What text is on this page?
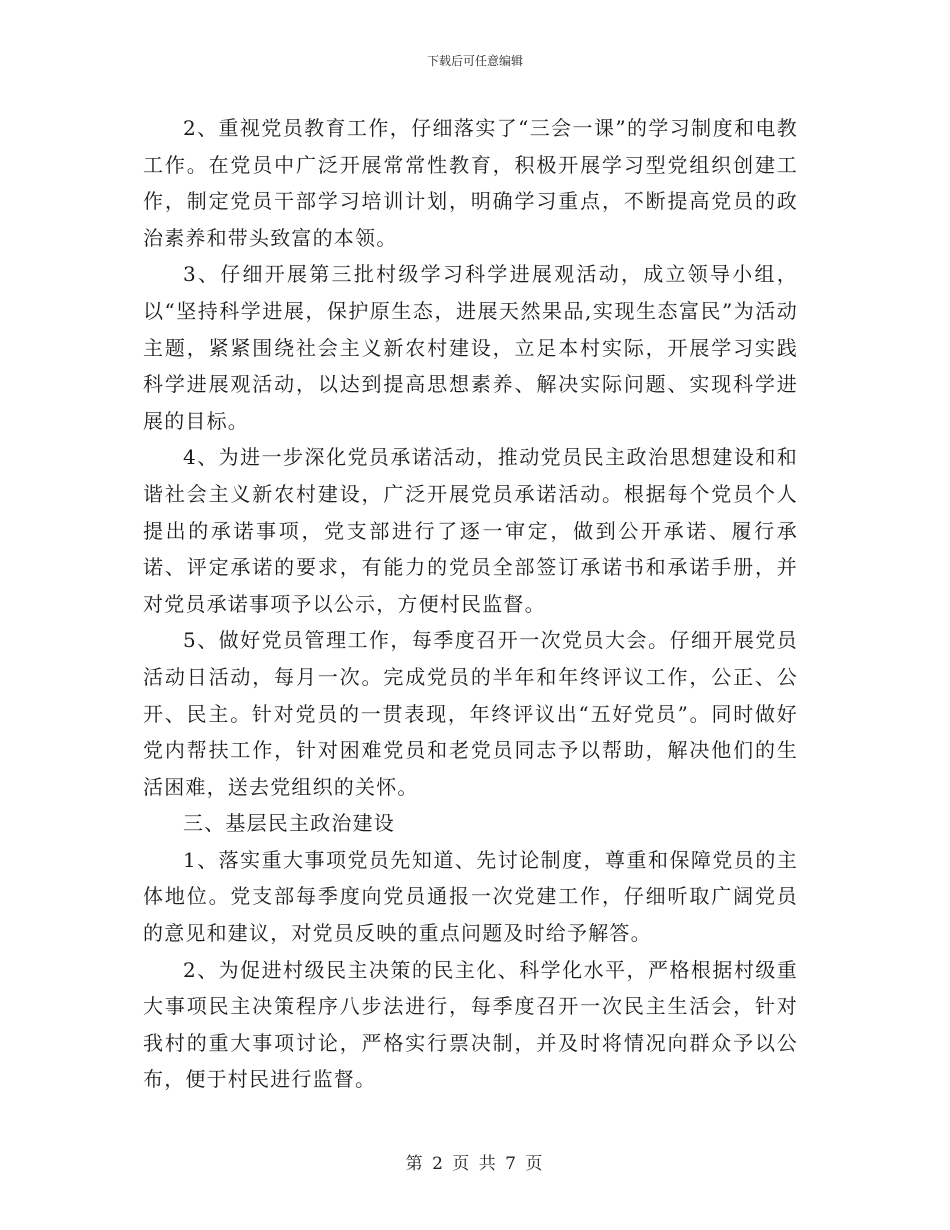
下载后可任意编辑

2、重视党员教育工作，仔细落实了“三会一课”的学习制度和电教工作。在党员中广泛开展常常性教育，积极开展学习型党组织创建工作，制定党员干部学习培训计划，明确学习重点，不断提高党员的政治素养和带头致富的本领。

3、仔细开展第三批村级学习科学进展观活动，成立领导小组，以“坚持科学进展，保护原生态，进展天然果品,实现生态富民”为活动主题，紧紧围绕社会主义新农村建设，立足本村实际，开展学习实践科学进展观活动，以达到提高思想素养、解决实际问题、实现科学进展的目标。

4、为进一步深化党员承诺活动，推动党员民主政治思想建设和和谐社会主义新农村建设，广泛开展党员承诺活动。根据每个党员个人提出的承诺事项，党支部进行了逐一审定，做到公开承诺、履行承诺、评定承诺的要求，有能力的党员全部签订承诺书和承诺手册，并对党员承诺事项予以公示，方便村民监督。

5、做好党员管理工作，每季度召开一次党员大会。仔细开展党员活动日活动，每月一次。完成党员的半年和年终评议工作，公正、公开、民主。针对党员的一贯表现，年终评议出“五好党员”。同时做好党内帮扶工作，针对困难党员和老党员同志予以帮助，解决他们的生活困难，送去党组织的关怀。

三、基层民主政治建设

1、落实重大事项党员先知道、先讨论制度，尊重和保障党员的主体地位。党支部每季度向党员通报一次党建工作，仔细听取广阔党员的意见和建议，对党员反映的重点问题及时给予解答。

2、为促进村级民主决策的民主化、科学化水平，严格根据村级重大事项民主决策程序八步法进行，每季度召开一次民主生活会，针对我村的重大事项讨论，严格实行票决制，并及时将情况向群众予以公布，便于村民进行监督。

第 2 页 共 7 页
